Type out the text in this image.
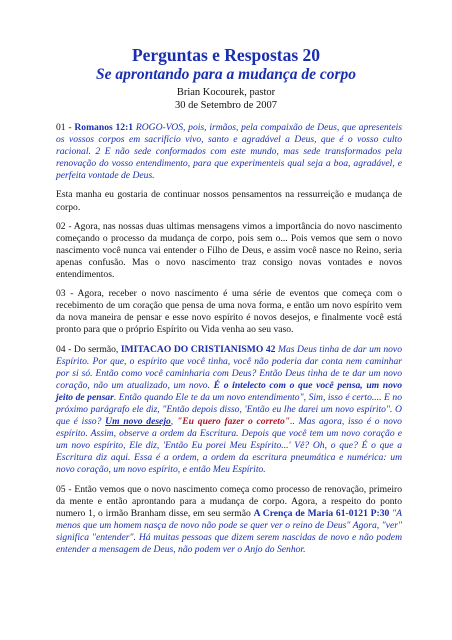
Perguntas e Respostas 20
Se aprontando para a mudança de corpo
Brian Kocourek, pastor
30 de Setembro de 2007

01 - Romanos 12:1 ROGO-VOS, pois, irmãos, pela compaixão de Deus, que apresenteis os vossos corpos em sacrifício vivo, santo e agradável a Deus, que é o vosso culto racional. 2 E não sede conformados com este mundo, mas sede transformados pela renovação do vosso entendimento, para que experimenteis qual seja a boa, agradável, e perfeita vontade de Deus.

Esta manha eu gostaria de continuar nossos pensamentos na ressurreição e mudança de corpo.

02 - Agora, nas nossas duas ultimas mensagens vimos a importância do novo nascimento começando o processo da mudança de corpo, pois sem o... Pois vemos que sem o novo nascimento você nunca vai entender o Filho de Deus, e assim você nasce no Reino, seria apenas confusão. Mas o novo nascimento traz consigo novas vontades e novos entendimentos.

03 - Agora, receber o novo nascimento é uma série de eventos que começa com o recebimento de um coração que pensa de uma nova forma, e então um novo espírito vem da nova maneira de pensar e esse novo espírito é novos desejos, e finalmente você está pronto para que o próprio Espírito ou Vida venha ao seu vaso.

04 - Do sermão, IMITACAO DO CRISTIANISMO 42 Mas Deus tinha de dar um novo Espírito. Por que, o espírito que você tinha, você não poderia dar conta nem caminhar por si só. Então como você caminharia com Deus? Então Deus tinha de te dar um novo coração, não um atualizado, um novo. É o intelecto com o que você pensa, um novo jeito de pensar. Então quando Ele te da um novo entendimento", Sim, isso é certo.... E no próximo parágrafo ele diz, "Então depois disso, 'Então eu lhe darei um novo espírito". O que é isso? Um novo desejo, "Eu quero fazer o correto".. Mas agora, isso é o novo espírito. Assim, observe a ordem da Escritura. Depois que você tem um novo coração e um novo espírito, Ele diz, 'Então Eu porei Meu Espírito...' Vê? Oh, o que? É o que a Escritura diz aqui. Essa é a ordem, a ordem da escritura pneumática e numérica: um novo coração, um novo espírito, e então Meu Espírito.

05 - Então vemos que o novo nascimento começa como processo de renovação, primeiro da mente e então aprontando para a mudança de corpo. Agora, a respeito do ponto numero 1, o irmão Branham disse, em seu sermão A Crença de Maria 61-0121 P:30 "A menos que um homem nasça de novo não pode se quer ver o reino de Deus" Agora, "ver" significa "entender". Há muitas pessoas que dizem serem nascidas de novo e não podem entender a mensagem de Deus, não podem ver o Anjo do Senhor.
